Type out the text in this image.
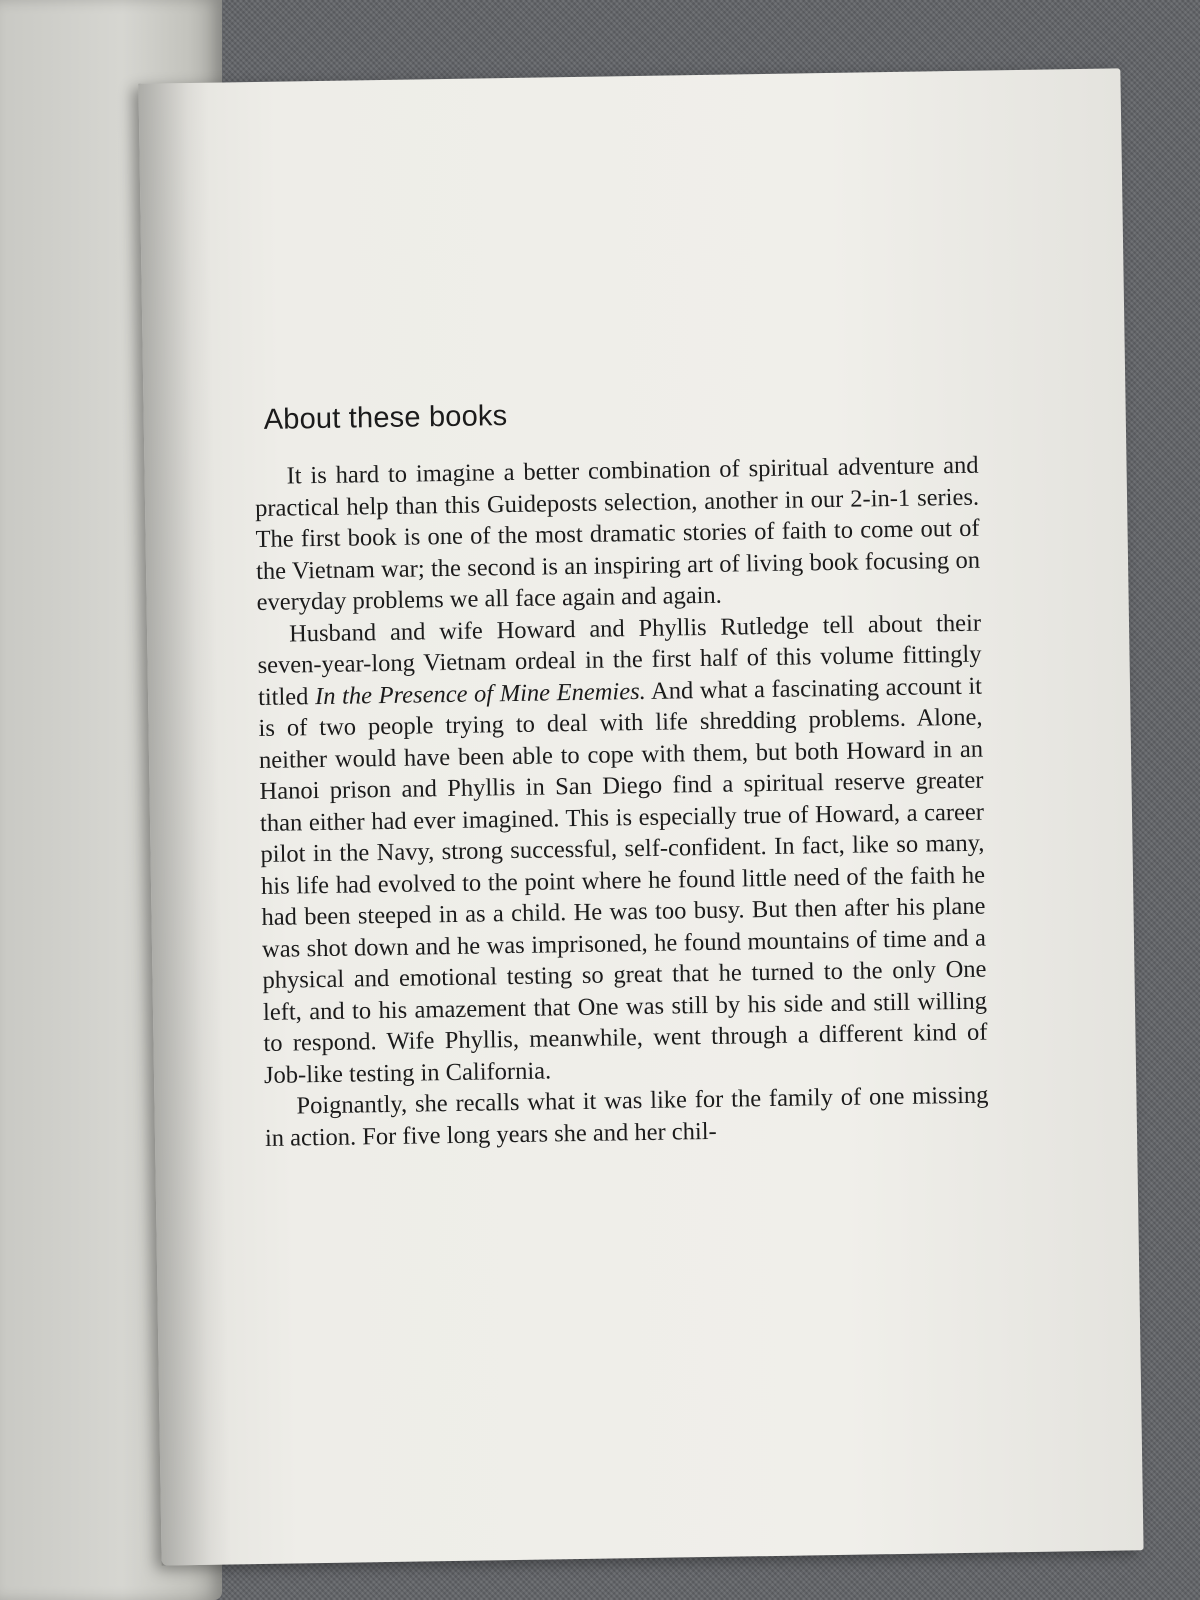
About these books

It is hard to imagine a better combination of spiritual adventure and practical help than this Guideposts selection, another in our 2-in-1 series. The first book is one of the most dramatic stories of faith to come out of the Vietnam war; the second is an inspiring art of living book focusing on everyday problems we all face again and again.

Husband and wife Howard and Phyllis Rutledge tell about their seven-year-long Vietnam ordeal in the first half of this volume fittingly titled In the Presence of Mine Enemies. And what a fascinating account it is of two people trying to deal with life shredding problems. Alone, neither would have been able to cope with them, but both Howard in an Hanoi prison and Phyllis in San Diego find a spiritual reserve greater than either had ever imagined. This is especially true of Howard, a career pilot in the Navy, strong successful, self-confident. In fact, like so many, his life had evolved to the point where he found little need of the faith he had been steeped in as a child. He was too busy. But then after his plane was shot down and he was imprisoned, he found mountains of time and a physical and emotional testing so great that he turned to the only One left, and to his amazement that One was still by his side and still willing to respond. Wife Phyllis, meanwhile, went through a different kind of Job-like testing in California.

Poignantly, she recalls what it was like for the family of one missing in action. For five long years she and her chil-
